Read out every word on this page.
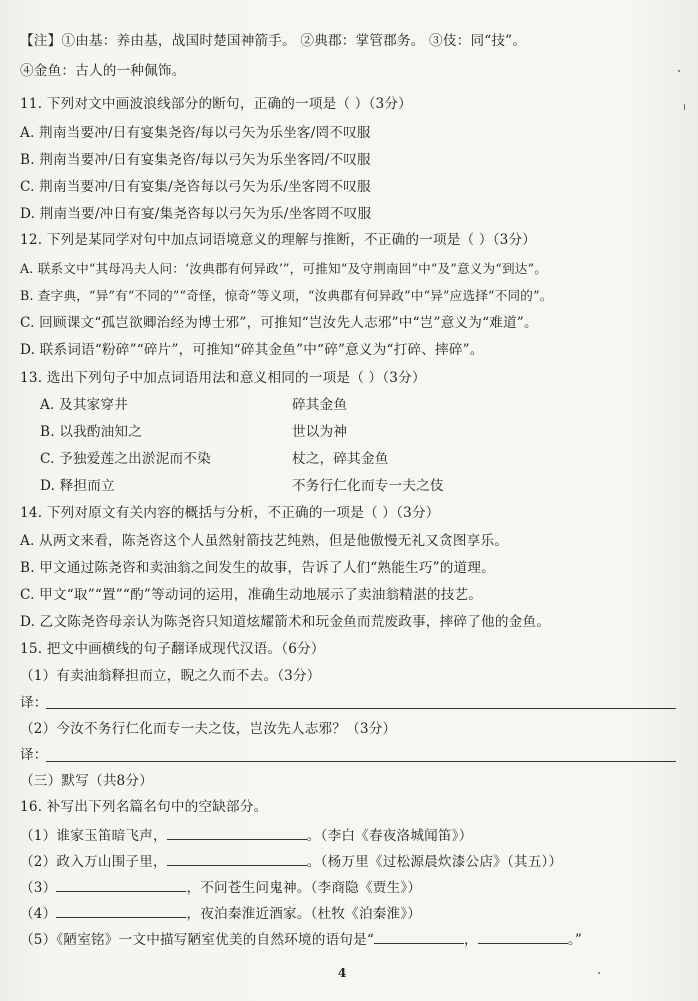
【注】①由基：养由基，战国时楚国神箭手。 ②典郡：掌管郡务。 ③伎：同“技”。
④金鱼：古人的一种佩饰。
11. 下列对文中画波浪线部分的断句，正确的一项是（ ）（3分）
A. 荆南当要冲/日有宴集尧咨/每以弓矢为乐坐客/罔不叹服
B. 荆南当要冲/日有宴集尧咨/每以弓矢为乐坐客罔/不叹服
C. 荆南当要冲/日有宴集/尧咨每以弓矢为乐/坐客罔不叹服
D. 荆南当要/冲日有宴/集尧咨每以弓矢为乐/坐客罔不叹服
12. 下列是某同学对句中加点词语境意义的理解与推断，不正确的一项是（ ）（3分）
A. 联系文中“其母冯夫人问：‘汝典郡有何异政’”，可推知“及守荆南回”中“及”意义为“到达”。
B. 查字典，“异”有“不同的”“奇怪，惊奇”等义项，“汝典郡有何异政”中“异”应选择“不同的”。
C. 回顾课文“孤岂欲卿治经为博士邪”，可推知“岂汝先人志邪”中“岂”意义为“难道”。
D. 联系词语“粉碎”“碎片”，可推知“碎其金鱼”中“碎”意义为“打碎、摔碎”。
13. 选出下列句子中加点词语用法和意义相同的一项是（ ）（3分）
A. 及其家穿井	碎其金鱼
B. 以我酌油知之	世以为神
C. 予独爱莲之出淤泥而不染	杖之，碎其金鱼
D. 释担而立	不务行仁化而专一夫之伎
14. 下列对原文有关内容的概括与分析，不正确的一项是（ ）（3分）
A. 从两文来看，陈尧咨这个人虽然射箭技艺纯熟，但是他傲慢无礼又贪图享乐。
B. 甲文通过陈尧咨和卖油翁之间发生的故事，告诉了人们“熟能生巧”的道理。
C. 甲文“取”“置”“酌”等动词的运用，准确生动地展示了卖油翁精湛的技艺。
D. 乙文陈尧咨母亲认为陈尧咨只知道炫耀箭术和玩金鱼而荒废政事，摔碎了他的金鱼。
15. 把文中画横线的句子翻译成现代汉语。（6分）
（1）有卖油翁释担而立，睨之久而不去。（3分）
译：
（2）今汝不务行仁化而专一夫之伎，岂汝先人志邪？（3分）
译：
（三）默写（共8分）
16. 补写出下列名篇名句中的空缺部分。
（1）谁家玉笛暗飞声，	。（李白《春夜洛城闻笛》）
（2）政入万山围子里，	。（杨万里《过松源晨炊漆公店》（其五））
（3）	，不问苍生问鬼神。（李商隐《贾生》）
（4）	，夜泊秦淮近酒家。（杜牧《泊秦淮》）
（5）《陋室铭》一文中描写陋室优美的自然环境的语句是“	，	。”
4
